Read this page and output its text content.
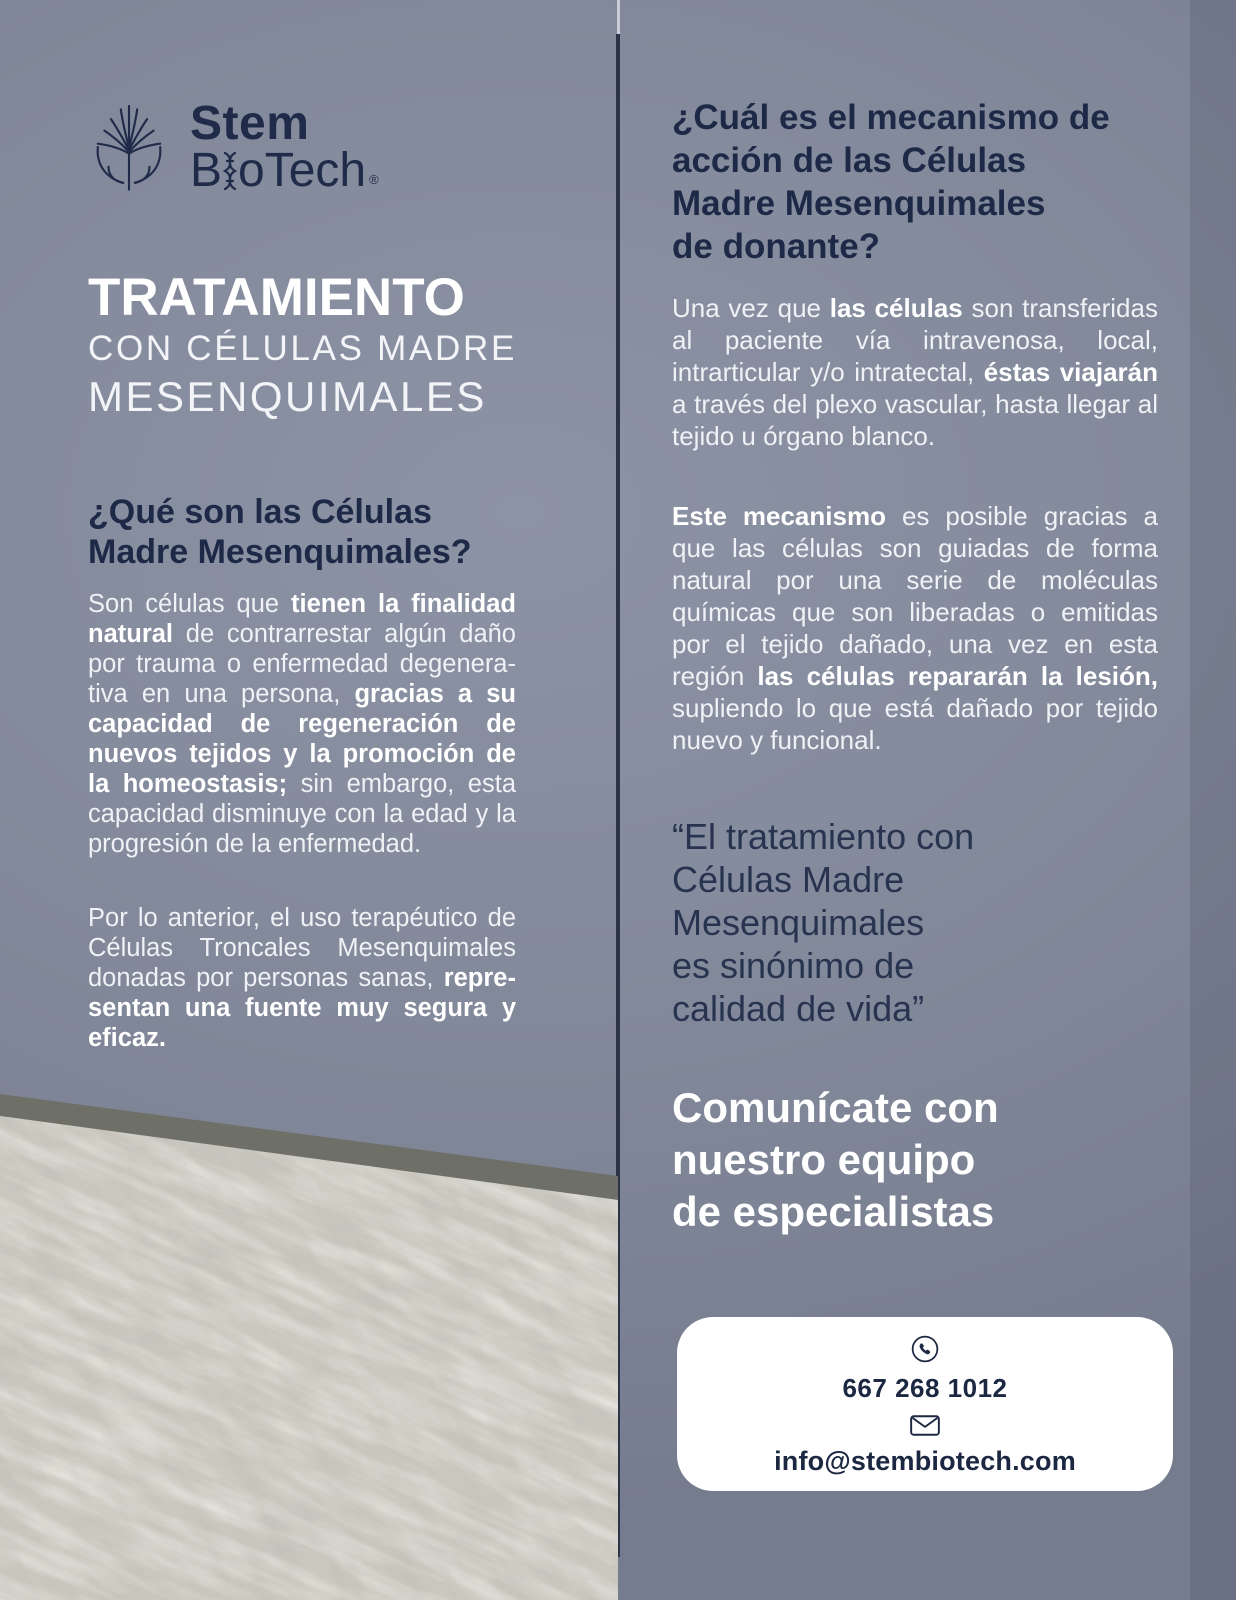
Stem
B oTech ®
TRATAMIENTO
CON CÉLULAS MADRE
MESENQUIMALES
¿Qué son las Células
Madre Mesenquimales?
Son células que tienen la finalidad natural de contrarrestar algún daño por trauma o enfermedad degenerativa en una persona, gracias a su capacidad de regeneración de nuevos tejidos y la promoción de la homeostasis; sin embargo, esta capacidad disminuye con la edad y la progresión de la enfermedad.
Por lo anterior, el uso terapéutico de Células Troncales Mesenquimales donadas por personas sanas, representan una fuente muy segura y eficaz.
¿Cuál es el mecanismo de
acción de las Células
Madre Mesenquimales
de donante?
Una vez que las células son transferidas al paciente vía intravenosa, local, intrarticular y/o intratectal, éstas viajarán a través del plexo vascular, hasta llegar al tejido u órgano blanco.
Este mecanismo es posible gracias a que las células son guiadas de forma natural por una serie de moléculas químicas que son liberadas o emitidas por el tejido dañado, una vez en esta región las células repararán la lesión, supliendo lo que está dañado por tejido nuevo y funcional.
“El tratamiento con
Células Madre
Mesenquimales
es sinónimo de
calidad de vida”
Comunícate con
nuestro equipo
de especialistas
667 268 1012
info@stembiotech.com
